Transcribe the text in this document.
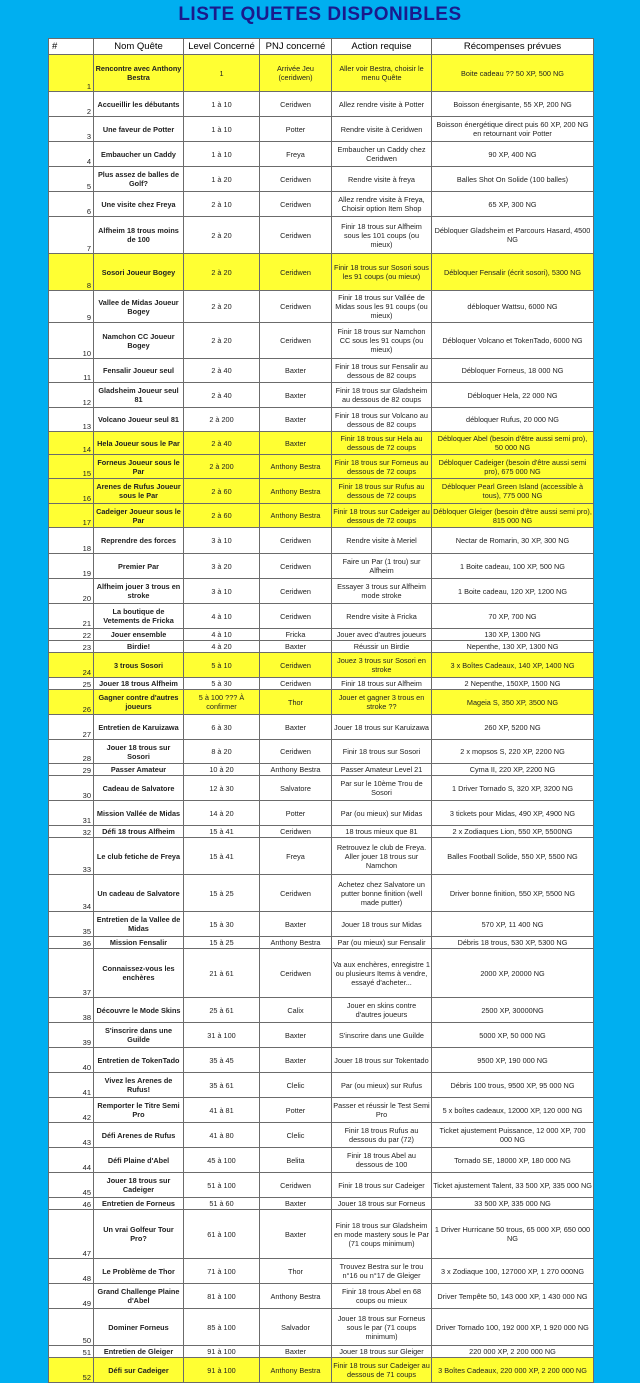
LISTE QUETES DISPONIBLES
#	Nom Quête	Level Concerné	PNJ concerné	Action requise	Récompenses prévues
1	Rencontre avec Anthony Bestra	1	Arrivée Jeu (ceridwen)	Aller voir Bestra, choisir le menu Quête	Boite cadeau ?? 50 XP, 500 NG
2	Accueillir les débutants	1 à 10	Ceridwen	Allez rendre visite à Potter	Boisson énergisante, 55 XP, 200 NG
3	Une faveur de Potter	1 à 10	Potter	Rendre visite à Ceridwen	Boisson énergétique direct puis 60 XP, 200 NG en retournant voir Potter
4	Embaucher un Caddy	1 à 10	Freya	Embaucher un Caddy chez Ceridwen	90 XP, 400 NG
5	Plus assez de balles de Golf?	1 à 20	Ceridwen	Rendre visite à freya	Balles Shot On Solide (100 balles)
6	Une visite chez Freya	2 à 10	Ceridwen	Allez rendre visite à Freya, Choisir option Item Shop	65 XP, 300 NG
7	Alfheim 18 trous moins de 100	2 à 20	Ceridwen	Finir 18 trous sur Alfheim sous les 101 coups (ou mieux)	Débloquer Gladsheim et Parcours Hasard, 4500 NG
8	Sosori Joueur Bogey	2 à 20	Ceridwen	Finir 18 trous sur Sosori sous les 91 coups (ou mieux)	Débloquer Fensalir (écrit sosori), 5300 NG
9	Vallee de Midas Joueur Bogey	2 à 20	Ceridwen	Finir 18 trous sur Vallée de Midas sous les 91 coups (ou mieux)	débloquer Wattsu, 6000 NG
10	Namchon CC Joueur Bogey	2 à 20	Ceridwen	Finir 18 trous sur Namchon CC sous les 91 coups (ou mieux)	Débloquer Volcano et TokenTado, 6000 NG
11	Fensalir Joueur seul	2 à 40	Baxter	Finir 18 trous sur Fensalir au dessous de 82 coups	Débloquer Forneus, 18 000 NG
12	Gladsheim Joueur seul 81	2 à 40	Baxter	Finir 18 trous sur Gladsheim au dessous de 82 coups	Débloquer Hela, 22 000 NG
13	Volcano Joueur seul 81	2 à 200	Baxter	Finir 18 trous sur Volcano au dessous de 82 coups	débloquer Rufus, 20 000 NG
14	Hela Joueur sous le Par	2 à 40	Baxter	Finir 18 trous sur Hela au dessous de 72 coups	Débloquer Abel (besoin d'être aussi semi pro), 50 000 NG
15	Forneus Joueur sous le Par	2 à 200	Anthony Bestra	Finir 18 trous sur Forneus au dessous de 72 coups	Débloquer Cadeiger (besoin d'être aussi semi pro), 675 000 NG
16	Arenes de Rufus Joueur sous le Par	2 à 60	Anthony Bestra	Finir 18 trous sur Rufus au dessous de 72 coups	Débloquer Pearl Green Island (accessible à tous), 775 000 NG
17	Cadeiger Joueur sous le Par	2 à 60	Anthony Bestra	Finir 18 trous sur Cadeiger au dessous de 72 coups	Débloquer Gleiger (besoin d'être aussi semi pro), 815 000 NG
18	Reprendre des forces	3 à 10	Ceridwen	Rendre visite à Meriel	Nectar de Romarin, 30 XP, 300 NG
19	Premier Par	3 à 20	Ceridwen	Faire un Par (1 trou) sur Alfheim	1 Boite cadeau, 100 XP, 500 NG
20	Alfheim jouer 3 trous en stroke	3 à 10	Ceridwen	Essayer 3 trous sur Alfheim mode stroke	1 Boite cadeau, 120 XP, 1200 NG
21	La boutique de Vetements de Fricka	4 à 10	Ceridwen	Rendre visite à Fricka	70 XP, 700 NG
22	Jouer ensemble	4 à 10	Fricka	Jouer avec d'autres joueurs	130 XP, 1300 NG
23	Birdie!	4 à 20	Baxter	Réussir un Birdie	Nepenthe, 130 XP, 1300 NG
24	3 trous Sosori	5 à 10	Ceridwen	Jouez 3 trous sur Sosori en stroke	3 x Boîtes Cadeaux, 140 XP, 1400 NG
25	Jouer 18 trous Alfheim	5 à 30	Ceridwen	Finir 18 trous sur Alfheim	2 Nepenthe, 150XP, 1500 NG
26	Gagner contre d'autres joueurs	5 à 100 ??? À confirmer	Thor	Jouer et gagner 3 trous en stroke ??	Mageia S, 350 XP, 3500 NG
27	Entretien de Karuizawa	6 à 30	Baxter	Jouer 18 trous sur Karuizawa	260 XP, 5200 NG
28	Jouer 18 trous sur Sosori	8 à 20	Ceridwen	Finir 18 trous sur Sosori	2 x mopsos S, 220 XP, 2200 NG
29	Passer Amateur	10 à 20	Anthony Bestra	Passer Amateur Level 21	Cyma II, 220 XP, 2200 NG
30	Cadeau de Salvatore	12 à 30	Salvatore	Par sur le 10ème Trou de Sosori	1 Driver Tornado S, 320 XP, 3200 NG
31	Mission Vallée de Midas	14 à 20	Potter	Par (ou mieux) sur Midas	3 tickets pour Midas, 490 XP, 4900 NG
32	Défi 18 trous Alfheim	15 à 41	Ceridwen	18 trous mieux que 81	2 x Zodiaques Lion, 550 XP, 5500NG
33	Le club fetiche de Freya	15 à 41	Freya	Retrouvez le club de Freya. Aller jouer 18 trous sur Namchon	Balles Football Solide, 550 XP, 5500 NG
34	Un cadeau de Salvatore	15 à 25	Ceridwen	Achetez chez Salvatore un putter bonne finition (well made putter)	Driver bonne finition, 550 XP, 5500 NG
35	Entretien de la Vallee de Midas	15 à 30	Baxter	Jouer 18 trous sur Midas	570 XP, 11 400 NG
36	Mission Fensalir	15 à 25	Anthony Bestra	Par (ou mieux) sur Fensalir	Débris 18 trous, 530 XP, 5300 NG
37	Connaissez-vous les enchères	21 à 61	Ceridwen	Va aux enchères, enregistre 1 ou plusieurs Items à vendre, essayé d'acheter...	2000 XP, 20000 NG
38	Découvre le Mode Skins	25 à 61	Calix	Jouer en skins contre d'autres joueurs	2500 XP, 30000NG
39	S'inscrire dans une Guilde	31 à 100	Baxter	S'inscrire dans une Guilde	5000 XP, 50 000 NG
40	Entretien de TokenTado	35 à 45	Baxter	Jouer 18 trous sur Tokentado	9500 XP, 190 000 NG
41	Vivez les Arenes de Rufus!	35 à 61	Clelic	Par (ou mieux) sur Rufus	Débris 100 trous, 9500 XP, 95 000 NG
42	Remporter le Titre Semi Pro	41 à 81	Potter	Passer et réussir le Test Semi Pro	5 x boîtes cadeaux, 12000 XP, 120 000 NG
43	Défi Arenes de Rufus	41 à 80	Clelic	Finir 18 trous Rufus au dessous du par (72)	Ticket ajustement Puissance, 12 000 XP, 700 000 NG
44	Défi Plaine d'Abel	45 à 100	Belita	Finir 18 trous Abel au dessous de 100	Tornado SE, 18000 XP, 180 000 NG
45	Jouer 18 trous sur Cadeiger	51 à 100	Ceridwen	Finir 18 trous sur Cadeiger	Ticket ajustement Talent, 33 500 XP, 335 000 NG
46	Entretien de Forneus	51 à 60	Baxter	Jouer 18 trous sur Forneus	33 500 XP, 335 000 NG
47	Un vrai Golfeur Tour Pro?	61 à 100	Baxter	Finir 18 trous sur Gladsheim en mode mastery sous le Par (71 coups minimum)	1 Driver Hurricane 50 trous, 65 000 XP, 650 000 NG
48	Le Problème de Thor	71 à 100	Thor	Trouvez Bestra sur le trou n°16 ou n°17 de Gleiger	3 x Zodiaque 100, 127000 XP, 1 270 000NG
49	Grand Challenge Plaine d'Abel	81 à 100	Anthony Bestra	Finir 18 trous Abel en 68 coups ou mieux	Driver Tempête 50, 143 000 XP, 1 430 000 NG
50	Dominer Forneus	85 à 100	Salvador	Jouer 18 trous sur Forneus sous le par (71 coups minimum)	Driver Tornado 100, 192 000 XP, 1 920 000 NG
51	Entretien de Gleiger	91 à 100	Baxter	Jouer 18 trous sur Gleiger	220 000 XP, 2 200 000 NG
52	Défi sur Cadeiger	91 à 100	Anthony Bestra	Finir 18 trous sur Cadeiger au dessous de 71 coups	3 Boîtes Cadeaux, 220 000 XP, 2 200 000 NG
